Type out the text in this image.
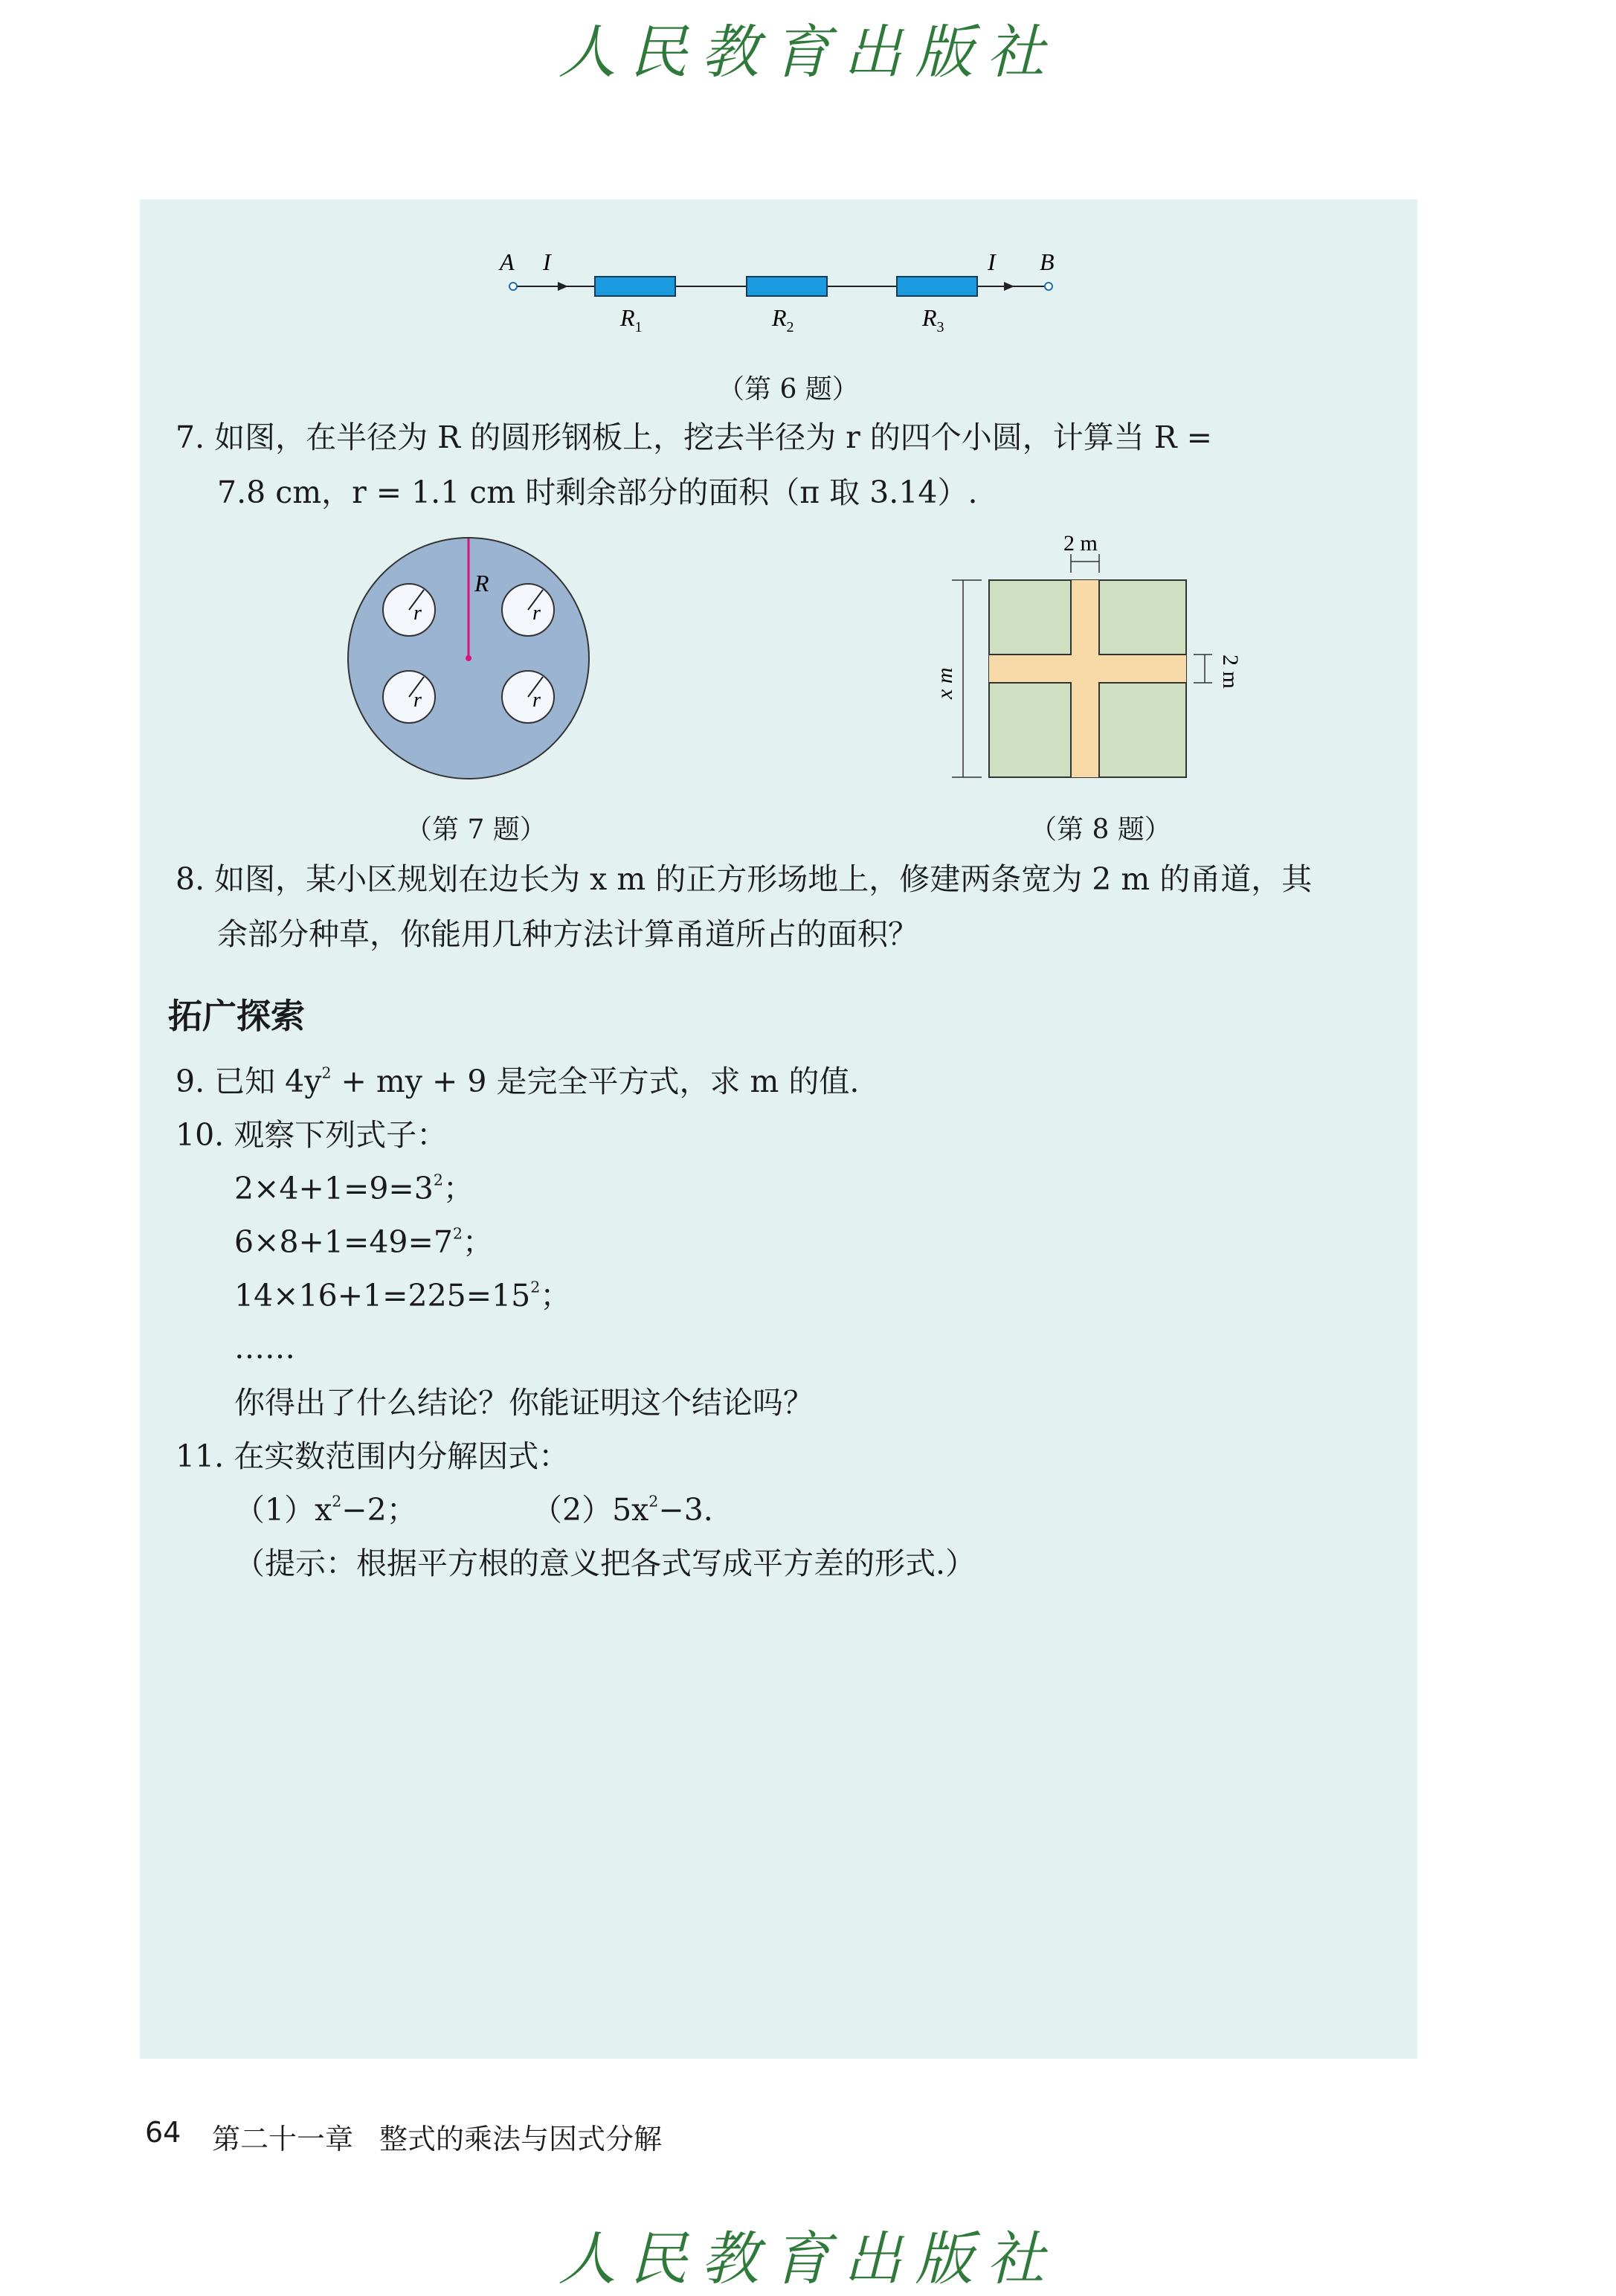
人民教育出版社
A I	I B
$R_1$	$R_2$	$R_3$
（第 6 题）
7. 如图，在半径为 R 的圆形钢板上，挖去半径为 r 的四个小圆，计算当 R =
7.8 cm，r = 1.1 cm 时剩余部分的面积（π 取 3.14）.
R
r	r
r	r
（第 7 题）
2 m
2 m
x m
（第 8 题）
8. 如图，某小区规划在边长为 x m 的正方形场地上，修建两条宽为 2 m 的甬道，其
余部分种草，你能用几种方法计算甬道所占的面积？
拓广探索
9. 已知 $4y^2$ + my + 9 是完全平方式，求 m 的值.
10. 观察下列式子：
$2\times 4+1=9=3^2$；
$6\times 8+1=49=7^2$；
$14\times 16+1=225=15^2$；
……
你得出了什么结论？你能证明这个结论吗？
11. 在实数范围内分解因式：
$(1)x^2-2$；	$(2)5x^2-3$.
（提示：根据平方根的意义把各式写成平方差的形式.）
64 第二十一章 整式的乘法与因式分解
人民教育出版社
